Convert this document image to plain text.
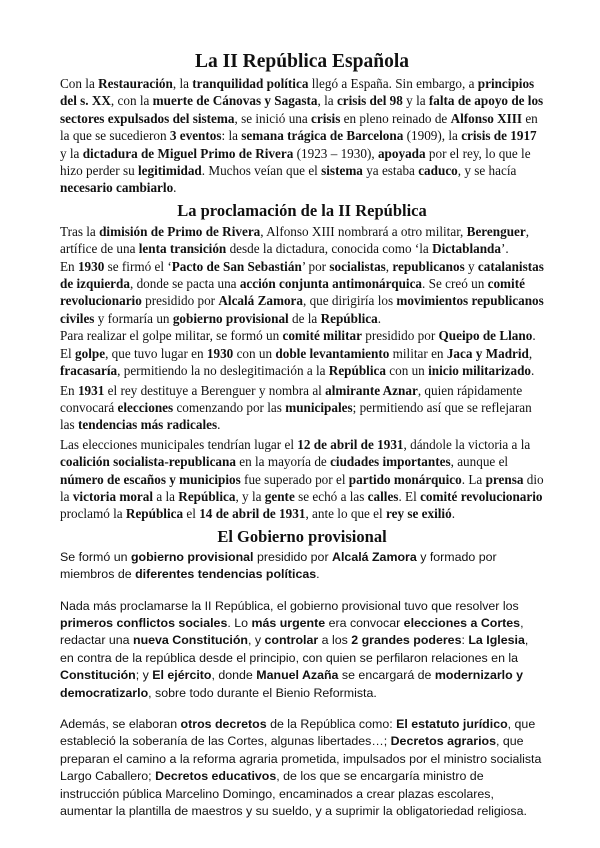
La II República Española

Con la Restauración, la tranquilidad política llegó a España. Sin embargo, a principios del s. XX, con la muerte de Cánovas y Sagasta, la crisis del 98 y la falta de apoyo de los sectores expulsados del sistema, se inició una crisis en pleno reinado de Alfonso XIII en la que se sucedieron 3 eventos: la semana trágica de Barcelona (1909), la crisis de 1917 y la dictadura de Miguel Primo de Rivera (1923 – 1930), apoyada por el rey, lo que le hizo perder su legitimidad. Muchos veían que el sistema ya estaba caduco, y se hacía necesario cambiarlo.

La proclamación de la II República

Tras la dimisión de Primo de Rivera, Alfonso XIII nombrará a otro militar, Berenguer, artífice de una lenta transición desde la dictadura, conocida como ‘la Dictablanda’.

En 1930 se firmó el ‘Pacto de San Sebastián’ por socialistas, republicanos y catalanistas de izquierda, donde se pacta una acción conjunta antimonárquica. Se creó un comité revolucionario presidido por Alcalá Zamora, que dirigiría los movimientos republicanos civiles y formaría un gobierno provisional de la República.

Para realizar el golpe militar, se formó un comité militar presidido por Queipo de Llano. El golpe, que tuvo lugar en 1930 con un doble levantamiento militar en Jaca y Madrid, fracasaría, permitiendo la no deslegitimación a la República con un inicio militarizado.

En 1931 el rey destituye a Berenguer y nombra al almirante Aznar, quien rápidamente convocará elecciones comenzando por las municipales; permitiendo así que se reflejaran las tendencias más radicales.

Las elecciones municipales tendrían lugar el 12 de abril de 1931, dándole la victoria a la coalición socialista-republicana en la mayoría de ciudades importantes, aunque el número de escaños y municipios fue superado por el partido monárquico. La prensa dio la victoria moral a la República, y la gente se echó a las calles. El comité revolucionario proclamó la República el 14 de abril de 1931, ante lo que el rey se exilió.

El Gobierno provisional

Se formó un gobierno provisional presidido por Alcalá Zamora y formado por miembros de diferentes tendencias políticas.

Nada más proclamarse la II República, el gobierno provisional tuvo que resolver los primeros conflictos sociales. Lo más urgente era convocar elecciones a Cortes, redactar una nueva Constitución, y controlar a los 2 grandes poderes: La Iglesia, en contra de la república desde el principio, con quien se perfilaron relaciones en la Constitución; y El ejército, donde Manuel Azaña se encargará de modernizarlo y democratizarlo, sobre todo durante el Bienio Reformista.

Además, se elaboran otros decretos de la República como: El estatuto jurídico, que estableció la soberanía de las Cortes, algunas libertades…; Decretos agrarios, que preparan el camino a la reforma agraria prometida, impulsados por el ministro socialista Largo Caballero; Decretos educativos, de los que se encargaría ministro de instrucción pública Marcelino Domingo, encaminados a crear plazas escolares, aumentar la plantilla de maestros y su sueldo, y a suprimir la obligatoriedad religiosa.
